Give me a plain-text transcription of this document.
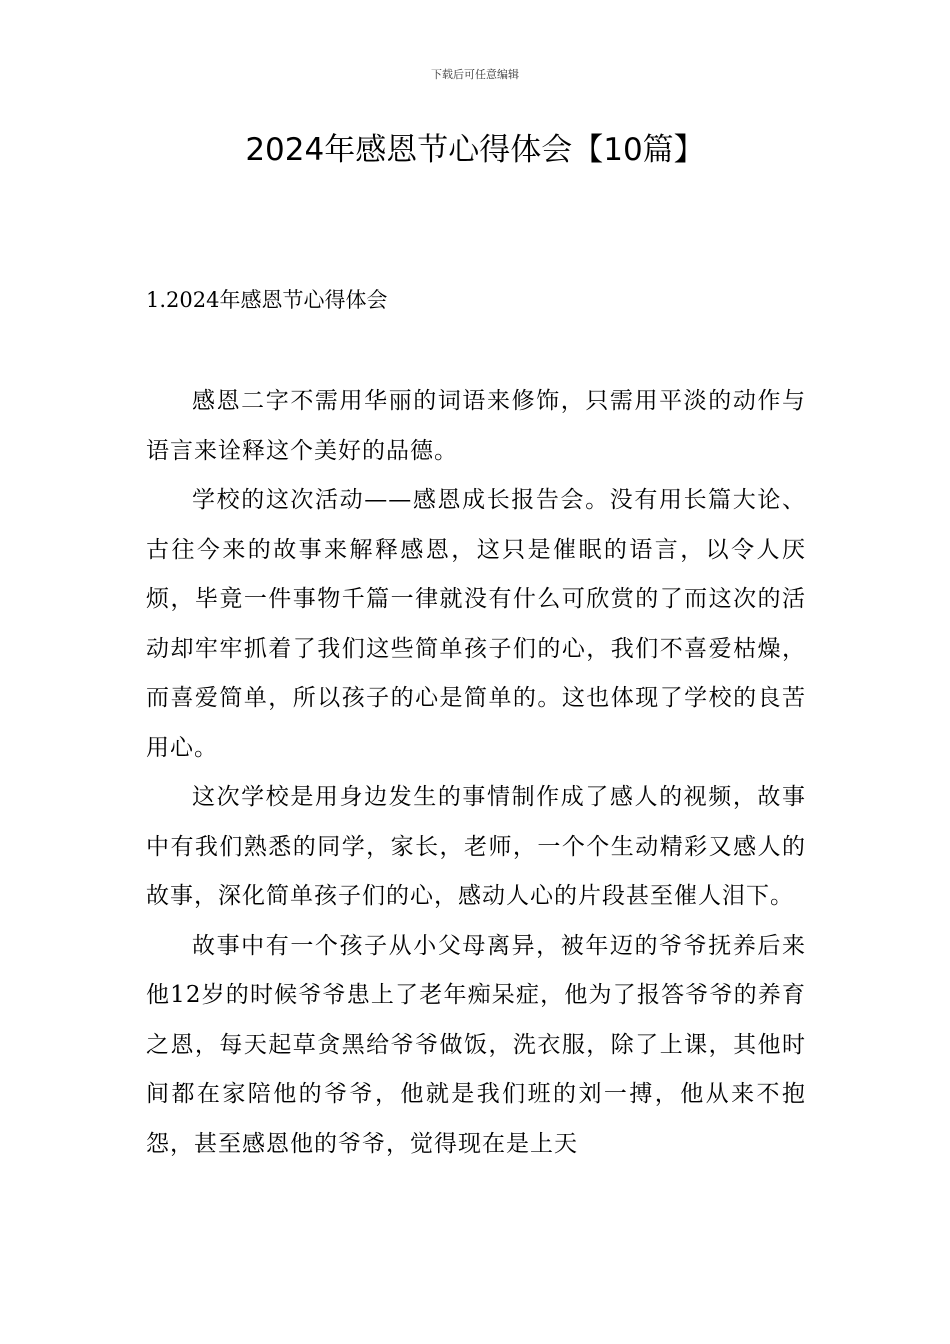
下载后可任意编辑
2024年感恩节心得体会【10篇】
1.2024年感恩节心得体会

感恩二字不需用华丽的词语来修饰，只需用平淡的动作与语言来诠释这个美好的品德。

学校的这次活动——感恩成长报告会。没有用长篇大论、古往今来的故事来解释感恩，这只是催眠的语言，以令人厌烦，毕竟一件事物千篇一律就没有什么可欣赏的了而这次的活动却牢牢抓着了我们这些简单孩子们的心，我们不喜爱枯燥，而喜爱简单，所以孩子的心是简单的。这也体现了学校的良苦用心。

这次学校是用身边发生的事情制作成了感人的视频，故事中有我们熟悉的同学，家长，老师，一个个生动精彩又感人的故事，深化简单孩子们的心，感动人心的片段甚至催人泪下。

故事中有一个孩子从小父母离异，被年迈的爷爷抚养后来他12岁的时候爷爷患上了老年痴呆症，他为了报答爷爷的养育之恩，每天起草贪黑给爷爷做饭，洗衣服，除了上课，其他时间都在家陪他的爷爷，他就是我们班的刘一搏，他从来不抱怨，甚至感恩他的爷爷，觉得现在是上天
